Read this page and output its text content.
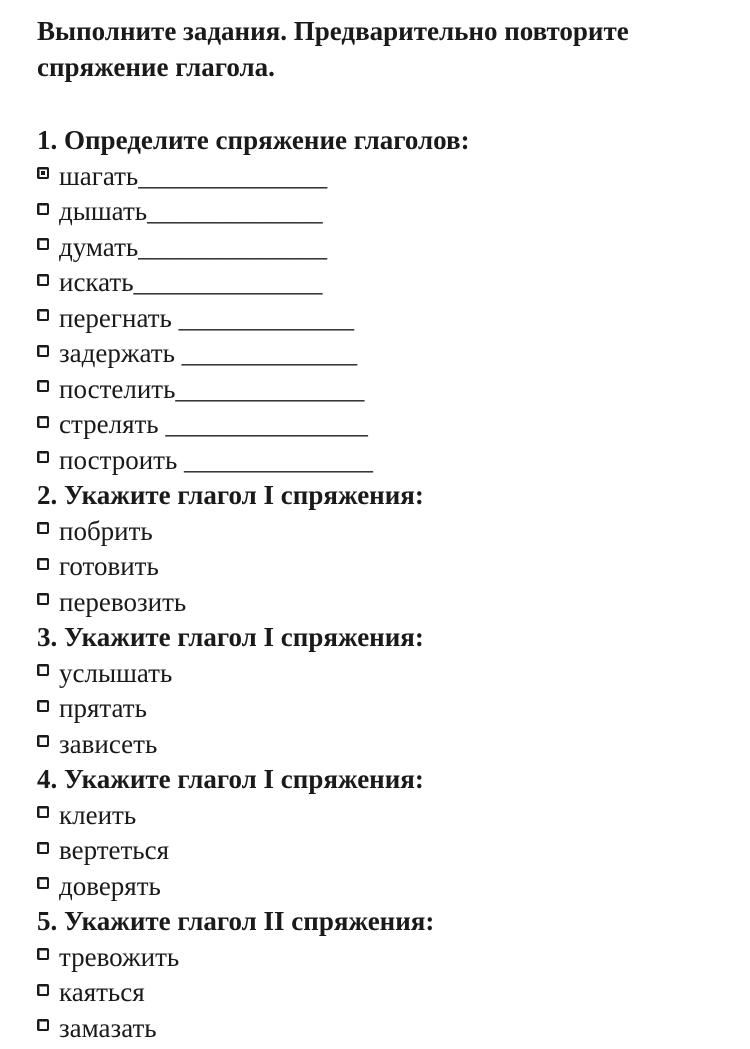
Выполните задания. Предварительно повторите спряжение глагола.

1. Определите спряжение глаголов:
шагать______________
дышать_____________
думать______________
искать______________
перегнать _____________
задержать _____________
постелить______________
стрелять _______________
построить ______________
2. Укажите глагол I спряжения:
побрить
готовить
перевозить
3. Укажите глагол I спряжения:
услышать
прятать
зависеть
4. Укажите глагол I спряжения:
клеить
вертеться
доверять
5. Укажите глагол II спряжения:
тревожить
каяться
замазать
